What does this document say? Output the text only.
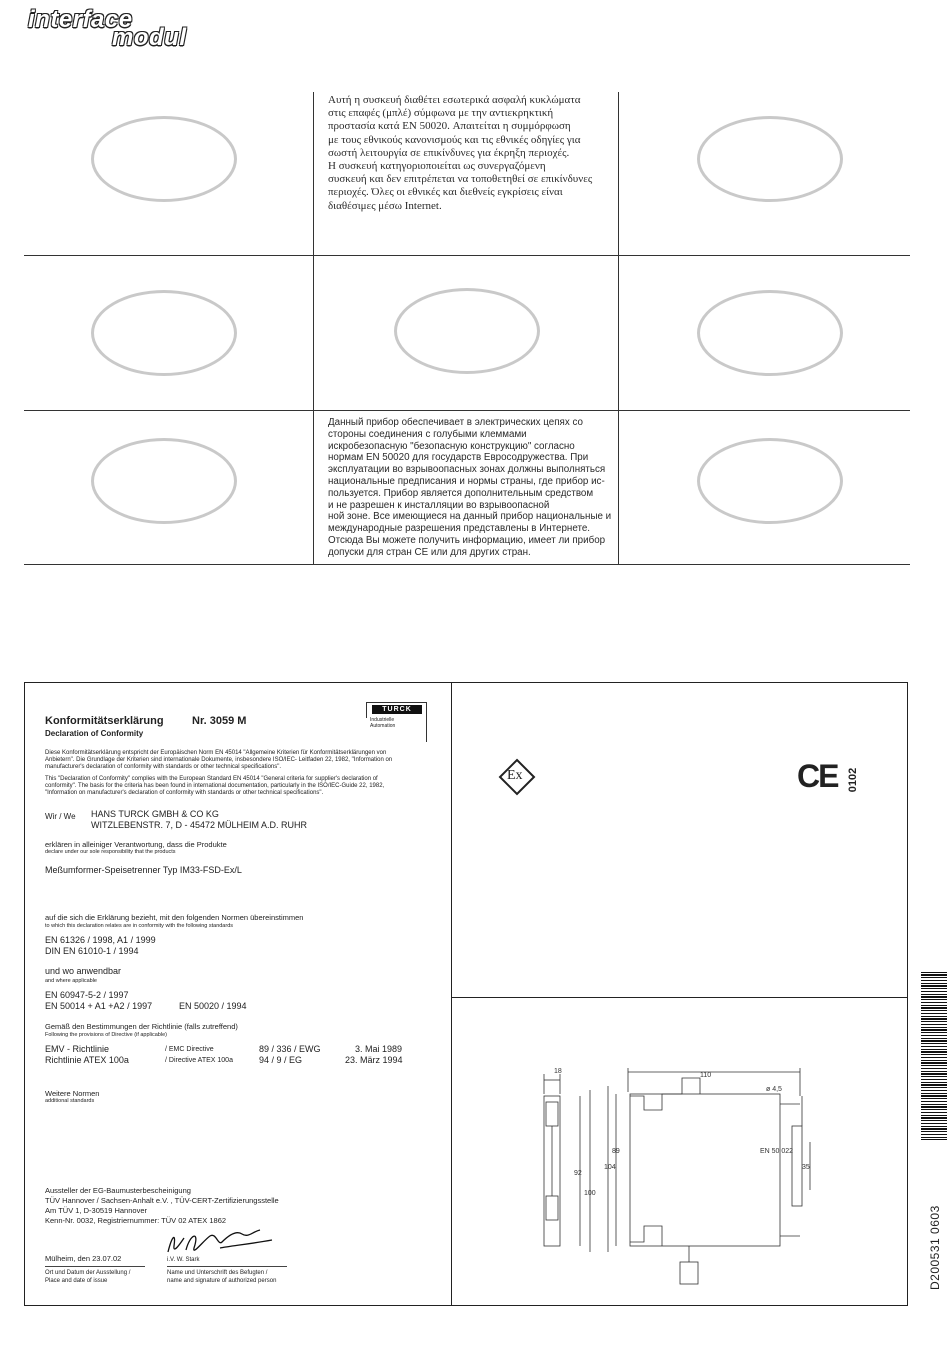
interface
modul

Αυτή η συσκευή διαθέτει εσωτερικά ασφαλή κυκλώματα

στις επαφές (μπλέ) σύμφωνα με την αντιεκρηκτική

προστασία κατά EN 50020. Απαιτείται η συμμόρφωση

με τους εθνικούς κανονισμούς και τις εθνικές οδηγίες για

σωστή λειτουργία σε επικίνδυνες για έκρηξη περιοχές.

Η συσκευή κατηγοριοποιείται ως συνεργαζόμενη

συσκευή και δεν επιτρέπεται να τοποθετηθεί σε επικίνδυνες

περιοχές. Όλες οι εθνικές και διεθνείς εγκρίσεις είναι

διαθέσιμες μέσω Internet.

Данный прибор обеспечивает в электрических цепях со

стороны соединения с голубыми клеммами

искробезопасную "безопасную конструкцию" согласно

нормам EN 50020 для государств Евросодружества. При

эксплуатации во взрывоопасных зонах должны выполняться

национальные предписания и нормы страны, где прибор ис-

пользуется. Прибор является дополнительным средством

и не разрешен к инсталляции во взрывоопасной

ной зоне. Все имеющиеся на данный прибор национальные и

международные разрешения представлены в Интернете.

Отсюда Вы можете получить информацию, имеет ли прибор

допуски для стран CE или для других стран.

Konformitätserklärung	Nr. 3059 M
Declaration of Conformity
TURCK
Industrielle Automation
Diese Konformitätserklärung entspricht der Europäischen Norm EN 45014 "Allgemeine Kriterien für Konformitätserklärungen von
Anbietern". Die Grundlage der Kriterien sind internationale Dokumente, insbesondere ISO/IEC- Leitfaden 22, 1982, "Information on
manufacturer's declaration of conformity with standards or other technical specifications".
This "Declaration of Conformity" complies with the European Standard EN 45014 "General criteria for supplier's declaration of
conformity". The basis for the criteria has been found in international documentation, particularly in the ISO/IEC-Guide 22, 1982,
"Information on manufacturer's declaration of conformity with standards or other technical specifications".
Wir / We HANS TURCK GMBH & CO KG
WITZLEBENSTR. 7, D - 45472 MÜLHEIM A.D. RUHR
erklären in alleiniger Verantwortung, dass die Produkte
declare under our sole responsibility that the products
Meßumformer-Speisetrenner Typ IM33-FSD-Ex/L
auf die sich die Erklärung bezieht, mit den folgenden Normen übereinstimmen
to which this declaration relates are in conformity with the following standards
EN 61326 / 1998, A1 / 1999
DIN EN 61010-1 / 1994
und wo anwendbar
and where applicable
EN 60947-5-2 / 1997
EN 50014 + A1 +A2 / 1997	EN 50020 / 1994
Gemäß den Bestimmungen der Richtlinie (falls zutreffend)
Following the provisions of Directive (if applicable)
EMV - Richtlinie	/ EMC Directive	89 / 336 / EWG	3. Mai 1989
Richtlinie ATEX 100a	/ Directive ATEX 100a	94 / 9 / EG	23. März 1994
Weitere Normen
additional standards
Aussteller der EG-Baumusterbescheinigung
TÜV Hannover / Sachsen-Anhalt e.V. , TÜV-CERT-Zertifizierungsstelle
Am TÜV 1, D-30519 Hannover
Kenn-Nr. 0032, Registriernummer: TÜV 02 ATEX 1862
Mülheim, den 23.07.02	i.V. W. Stark
Ort und Datum der Ausstellung /
Place and date of issue
Name und Unterschrift des Befugten /
name and signature of authorized person
Ex	CE 0102
110
18
92
100
104
89
ø 4,5
35
EN 50 022
D200531 0603
